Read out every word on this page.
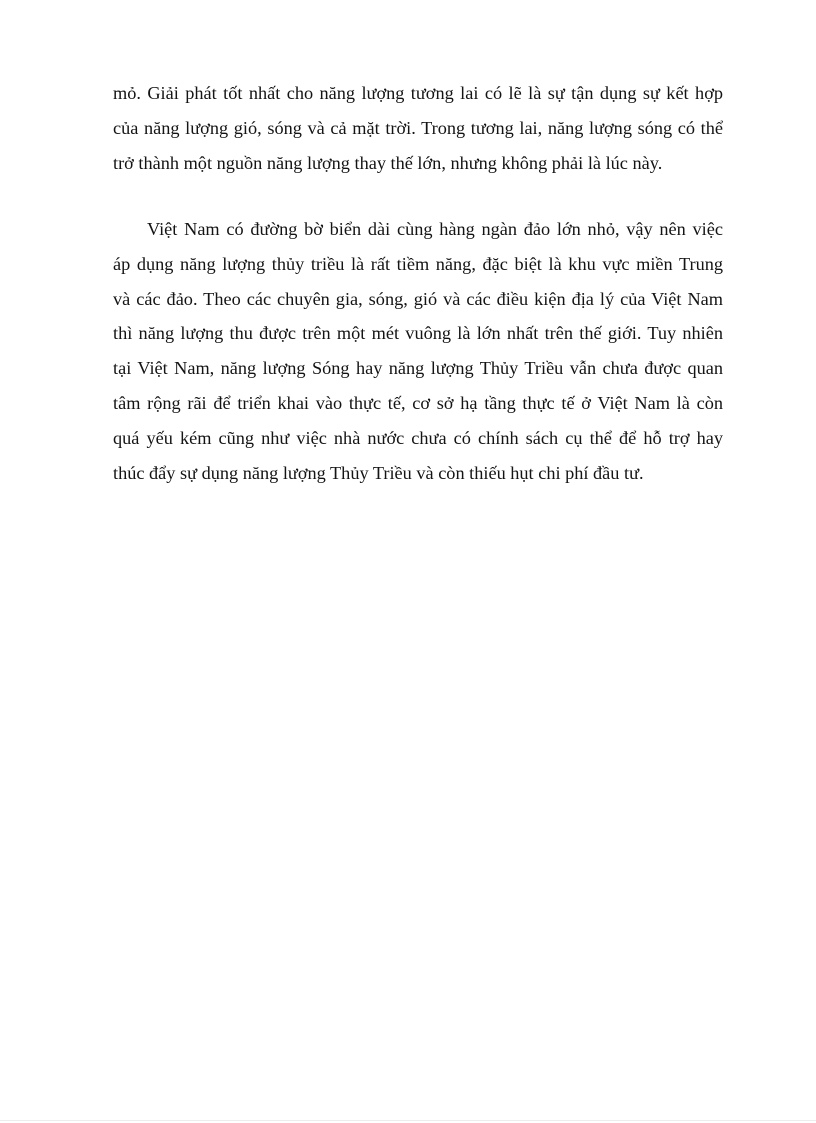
mỏ. Giải phát tốt nhất cho năng lượng tương lai có lẽ là sự tận dụng sự kết hợp
của năng lượng gió, sóng và cả mặt trời. Trong tương lai, năng lượng sóng có thể
trở thành một nguồn năng lượng thay thế lớn, nhưng không phải là lúc này.
Việt Nam có đường bờ biển dài cùng hàng ngàn đảo lớn nhỏ, vậy nên việc
áp dụng năng lượng thủy triều là rất tiềm năng, đặc biệt là khu vực miền Trung
và các đảo. Theo các chuyên gia, sóng, gió và các điều kiện địa lý của Việt Nam
thì năng lượng thu được trên một mét vuông là lớn nhất trên thế giới. Tuy nhiên
tại Việt Nam, năng lượng Sóng hay năng lượng Thủy Triều vẫn chưa được quan
tâm rộng rãi để triển khai vào thực tế, cơ sở hạ tầng thực tế ở Việt Nam là còn
quá yếu kém cũng như việc nhà nước chưa có chính sách cụ thể để hỗ trợ hay
thúc đẩy sự dụng năng lượng Thủy Triều và còn thiếu hụt chi phí đầu tư.
